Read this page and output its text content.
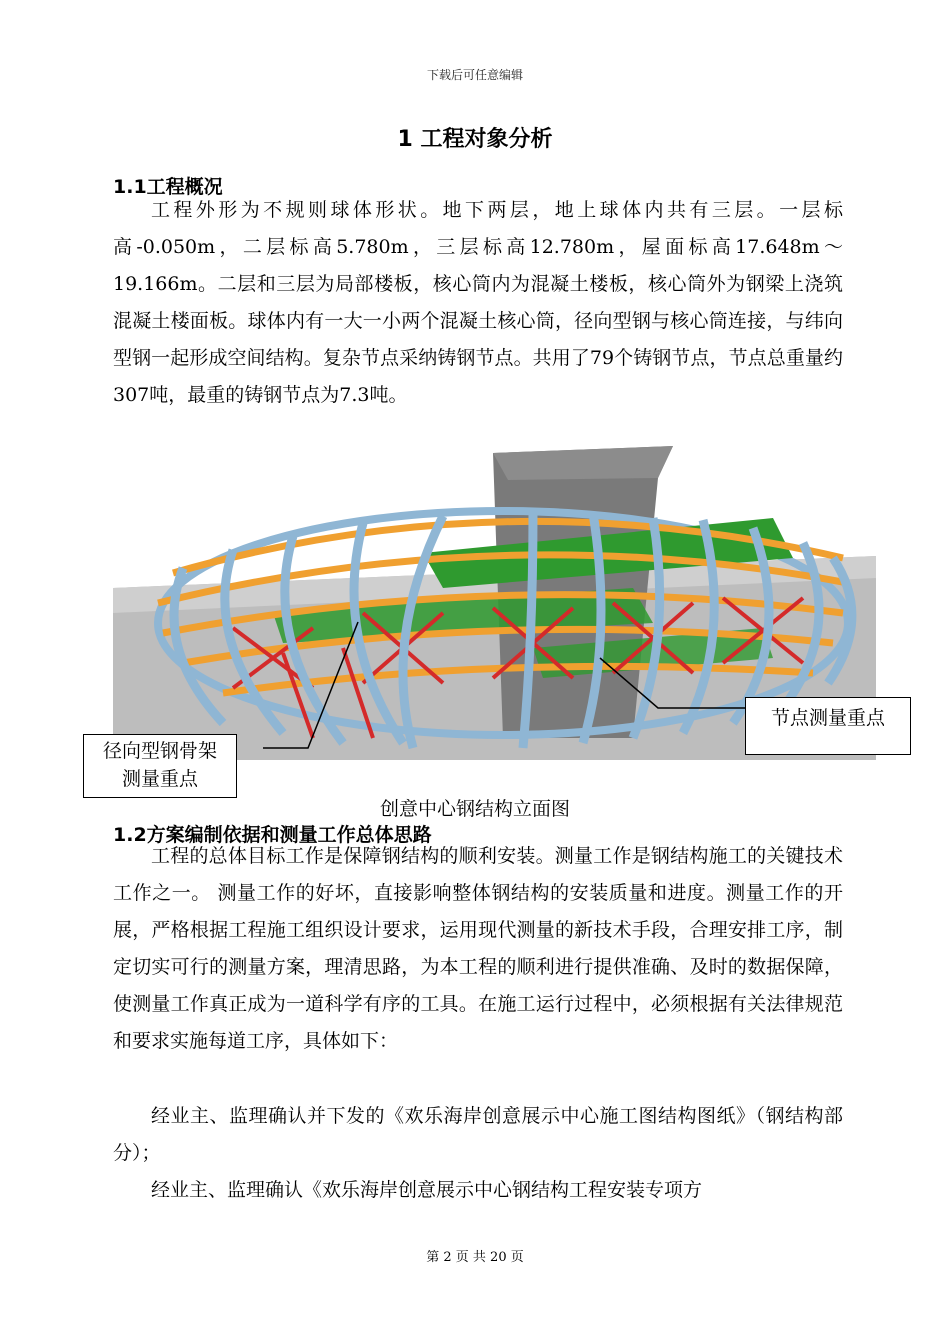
下载后可任意编辑
1 工程对象分析
1.1工程概况

工程外形为不规则球体形状。地下两层，地上球体内共有三层。一层标高-0.050m，二层标高5.780m，三层标高12.780m，屋面标高17.648m～19.166m。二层和三层为局部楼板，核心筒内为混凝土楼板，核心筒外为钢梁上浇筑混凝土楼面板。球体内有一大一小两个混凝土核心筒，径向型钢与核心筒连接，与纬向型钢一起形成空间结构。复杂节点采纳铸钢节点。共用了79个铸钢节点，节点总重量约307吨，最重的铸钢节点为7.3吨。

径向型钢骨架
测量重点
节点测量重点
创意中心钢结构立面图
1.2方案编制依据和测量工作总体思路

工程的总体目标工作是保障钢结构的顺利安装。测量工作是钢结构施工的关键技术工作之一。 测量工作的好坏，直接影响整体钢结构的安装质量和进度。测量工作的开展，严格根据工程施工组织设计要求，运用现代测量的新技术手段，合理安排工序，制定切实可行的测量方案，理清思路，为本工程的顺利进行提供准确、及时的数据保障，使测量工作真正成为一道科学有序的工具。在施工运行过程中，必须根据有关法律规范和要求实施每道工序，具体如下：

经业主、监理确认并下发的《欢乐海岸创意展示中心施工图结构图纸》（钢结构部分）；

经业主、监理确认《欢乐海岸创意展示中心钢结构工程安装专项方

第 2 页 共 20 页
